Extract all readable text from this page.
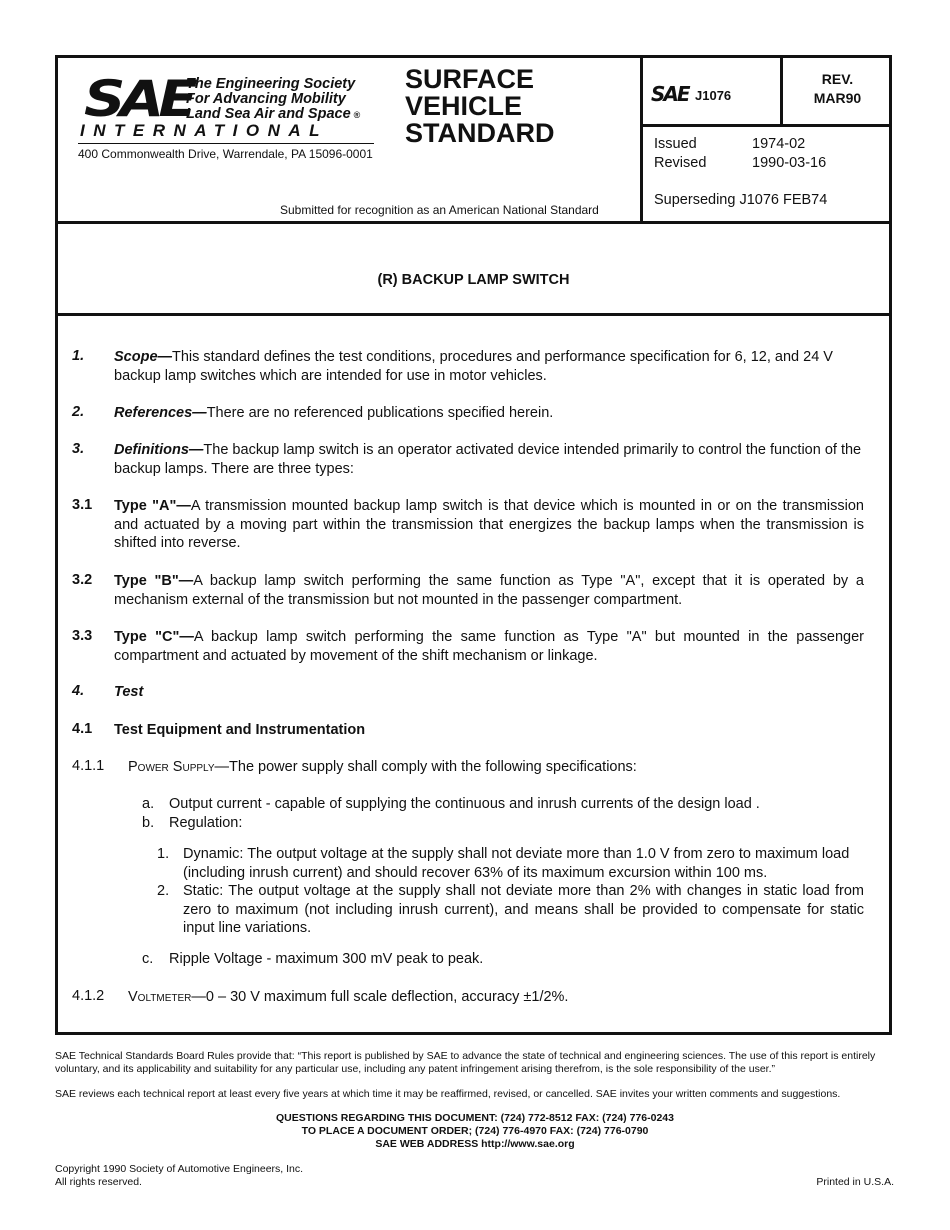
SAE
The Engineering Society
For Advancing Mobility
Land Sea Air and Space ®
INTERNATIONAL
400 Commonwealth Drive, Warrendale, PA 15096-0001
SURFACE
VEHICLE
STANDARD
Submitted for recognition as an American National Standard
SAE J1076
REV.
MAR90
Issued	1974-02
Revised	1990-03-16
Superseding J1076 FEB74
(R) BACKUP LAMP SWITCH
1. Scope—This standard defines the test conditions, procedures and performance specification for 6, 12, and 24 V backup lamp switches which are intended for use in motor vehicles.
2. References—There are no referenced publications specified herein.
3. Definitions—The backup lamp switch is an operator activated device intended primarily to control the function of the backup lamps. There are three types:
3.1 Type "A"—A transmission mounted backup lamp switch is that device which is mounted in or on the transmission and actuated by a moving part within the transmission that energizes the backup lamps when the transmission is shifted into reverse.
3.2 Type "B"—A backup lamp switch performing the same function as Type "A", except that it is operated by a mechanism external of the transmission but not mounted in the passenger compartment.
3.3 Type "C"—A backup lamp switch performing the same function as Type "A" but mounted in the passenger compartment and actuated by movement of the shift mechanism or linkage.
4. Test
4.1 Test Equipment and Instrumentation
4.1.1 Power Supply—The power supply shall comply with the following specifications:
a. Output current - capable of supplying the continuous and inrush currents of the design load .
b. Regulation:
1. Dynamic: The output voltage at the supply shall not deviate more than 1.0 V from zero to maximum load (including inrush current) and should recover 63% of its maximum excursion within 100 ms.
2. Static: The output voltage at the supply shall not deviate more than 2% with changes in static load from zero to maximum (not including inrush current), and means shall be provided to compensate for static input line variations.
c. Ripple Voltage - maximum 300 mV peak to peak.
4.1.2 Voltmeter—0 – 30 V maximum full scale deflection, accuracy ±1/2%.
SAE Technical Standards Board Rules provide that: “This report is published by SAE to advance the state of technical and engineering sciences. The use of this report is entirely voluntary, and its applicability and suitability for any particular use, including any patent infringement arising therefrom, is the sole responsibility of the user.”
SAE reviews each technical report at least every five years at which time it may be reaffirmed, revised, or cancelled. SAE invites your written comments and suggestions.
QUESTIONS REGARDING THIS DOCUMENT: (724) 772-8512 FAX: (724) 776-0243
TO PLACE A DOCUMENT ORDER; (724) 776-4970 FAX: (724) 776-0790
SAE WEB ADDRESS http://www.sae.org
Copyright 1990 Society of Automotive Engineers, Inc.
All rights reserved.	Printed in U.S.A.
